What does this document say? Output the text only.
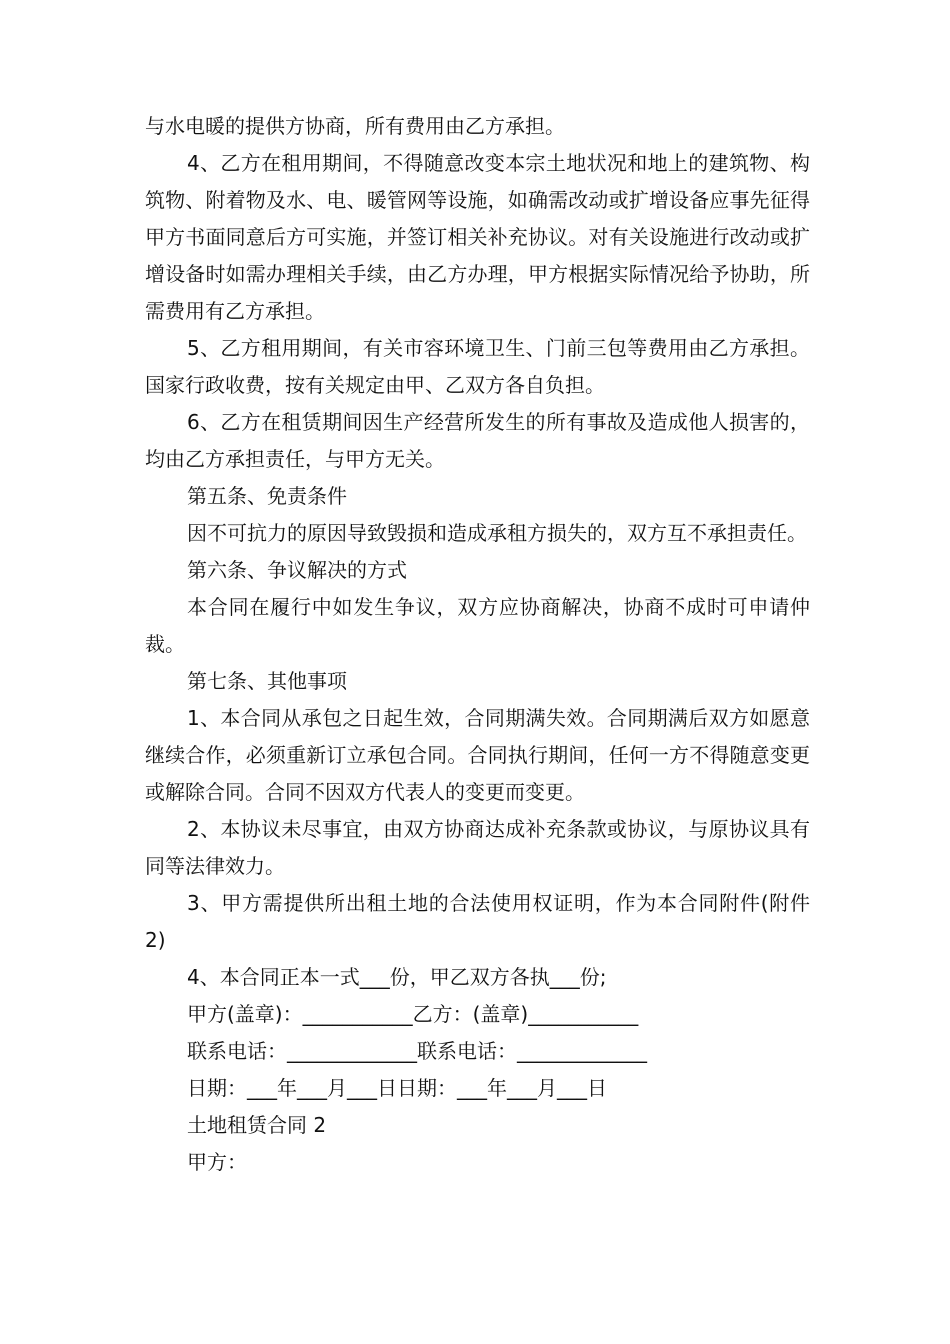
与水电暖的提供方协商，所有费用由乙方承担。

4、乙方在租用期间，不得随意改变本宗土地状况和地上的建筑物、构筑物、附着物及水、电、暖管网等设施，如确需改动或扩增设备应事先征得甲方书面同意后方可实施，并签订相关补充协议。对有关设施进行改动或扩增设备时如需办理相关手续，由乙方办理，甲方根据实际情况给予协助，所需费用有乙方承担。

5、乙方租用期间，有关市容环境卫生、门前三包等费用由乙方承担。国家行政收费，按有关规定由甲、乙双方各自负担。

6、乙方在租赁期间因生产经营所发生的所有事故及造成他人损害的，均由乙方承担责任，与甲方无关。

第五条、免责条件

因不可抗力的原因导致毁损和造成承租方损失的，双方互不承担责任。

第六条、争议解决的方式

本合同在履行中如发生争议，双方应协商解决，协商不成时可申请仲裁。

第七条、其他事项

1、本合同从承包之日起生效，合同期满失效。合同期满后双方如愿意继续合作，必须重新订立承包合同。合同执行期间，任何一方不得随意变更或解除合同。合同不因双方代表人的变更而变更。

2、本协议未尽事宜，由双方协商达成补充条款或协议，与原协议具有同等法律效力。

3、甲方需提供所出租土地的合法使用权证明，作为本合同附件(附件 2)

4、本合同正本一式___份，甲乙双方各执___份;

甲方(盖章)：___________乙方：(盖章)___________

联系电话：_____________联系电话：_____________

日期：___年___月___日日期：___年___月___日

土地租赁合同 2

甲方：
